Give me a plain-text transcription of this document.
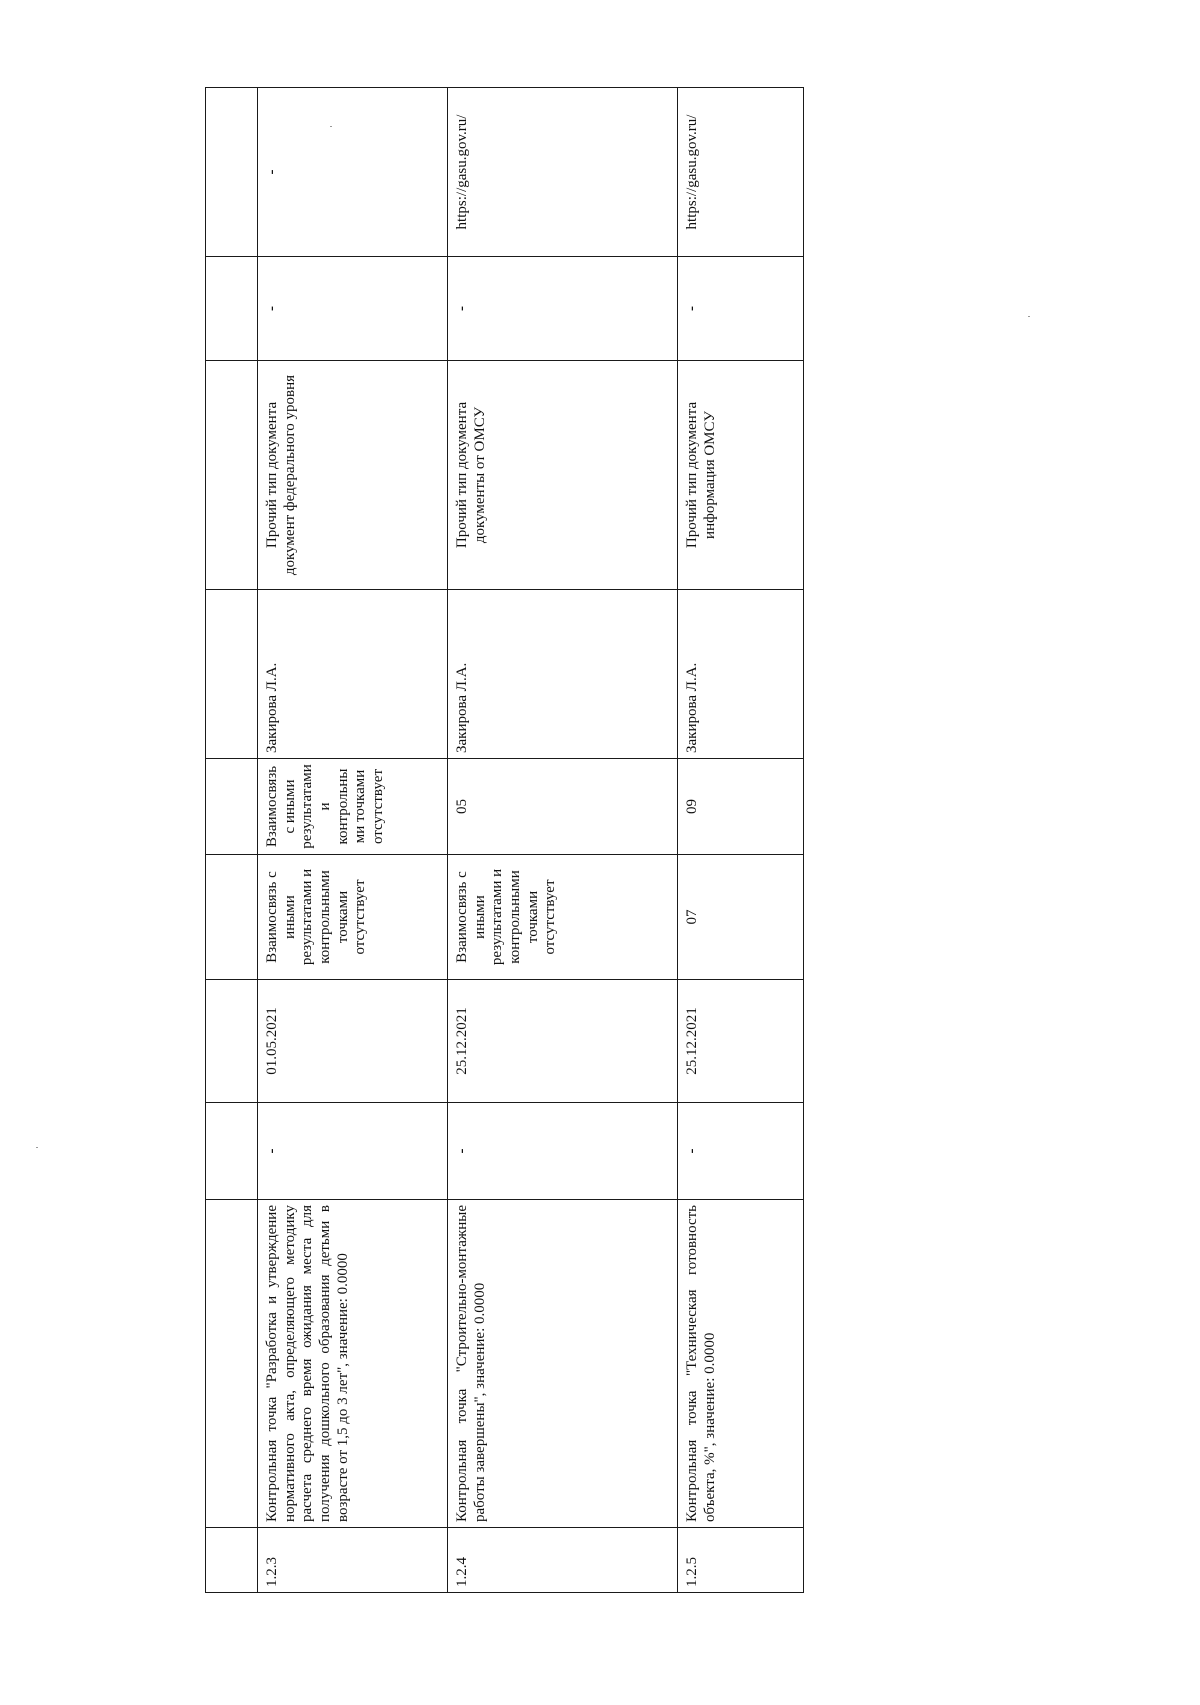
1.2.3	Контрольная точка "Разработка и утверждение нормативного акта, определяющего методику расчета среднего время ожидания места для получения дошкольного образования детьми в возрасте от 1,5 до 3 лет", значение: 0.0000	-	01.05.2021	Взаимосвязь с иными результатами и контрольными точками отсутствует	Взаимосвязь с иными результатами и контрольными точками отсутствует	Закирова Л.А.	Прочий тип документа документ федерального уровня	-	-
1.2.4	Контрольная точка "Строительно-монтажные работы завершены", значение: 0.0000	-	25.12.2021	Взаимосвязь с иными результатами и контрольными точками отсутствует	05	Закирова Л.А.	Прочий тип документа документы от ОМСУ	-	https://gasu.gov.ru/
1.2.5	Контрольная точка "Техническая готовность объекта, %", значение: 0.0000	-	25.12.2021	07	09	Закирова Л.А.	Прочий тип документа информация ОМСУ	-	https://gasu.gov.ru/
